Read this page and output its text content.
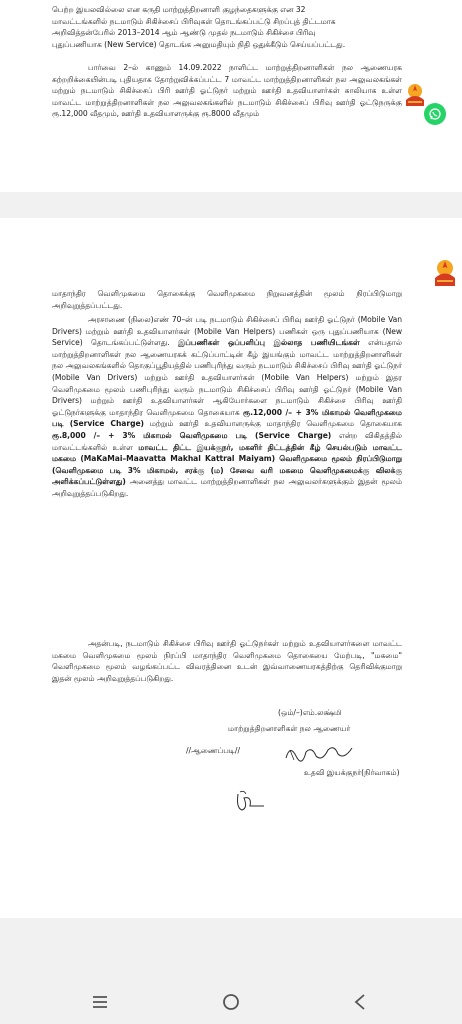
பெற்ற இயலவில்லை என கருதி மாற்றுத்திறனாளி குழந்தைகளுக்கு என 32

மாவட்டங்களில் நடமாடும் சிகிச்சைப் பிரிவுகள் தொடங்கப்பட்டு சிறப்புத் திட்டமாக

அறிவித்தன்பேரில் 2013–2014 ஆம் ஆண்டு முதல் நடமாடும் சிகிச்சை பிரிவு

புதுப்பணியாக (New Service) தொடங்க அனுமதியும் நிதி ஒதுக்கீடும் செய்யப்பட்டது.

பார்வை 2–ல் காணும் 14.09.2022 நாளிட்ட மாற்றுத்திறனாளிகள் நல ஆணையரக சுற்றறிக்கையின்படி புதியதாக தோற்றுவிக்கப்பட்ட 7 மாவட்ட மாற்றுத்திறனாளிகள் நல அலுவலகங்கள் மற்றும் நடமாடும் சிகிச்சைப் பிரி ஊர்தி ஓட்டுநர் மற்றும் ஊர்தி உதவியாளர்கள் காலியாக உள்ள மாவட்ட மாற்றுத்திறனாளிகள் நல அலுவலகங்களில் நடமாடும் சிகிச்சைப் பிரிவு ஊர்தி ஓட்டுநருக்கு ரூ.12,000 வீதமும், ஊர்தி உதவியாளருக்கு ரூ.8000 வீதமும்

மாதாந்திர வெளிமுகமை தொகைக்கு வெளிமுகமை நிறுவனத்தின் மூலம் நிரப்பிடுமாறு அறிவுறுத்தப்பட்டது.

அரசாணை (நிலை)எண் 70–ன் படி நடமாடும் சிகிச்சைப் பிரிவு ஊர்தி ஓட்டுநர் (Mobile Van Drivers) மற்றும் ஊர்தி உதவியாளர்கள் (Mobile Van Helpers) பணிகள் ஒரு புதுப்பணியாக (New Service) தொடங்கப்பட்டுள்ளது. இப்பணிகள் ஒப்பளிப்பு இல்லாத பணியிடங்கள் என்பதால் மாற்றுத்திறனாளிகள் நல ஆணையரகக் கட்டுப்பாட்டின் கீழ் இயங்கும் மாவட்ட மாற்றுத்திறனாளிகள் நல அலுவலகங்களில் தொகுப்பூதியத்தில் பணிபுரிந்து வரும் நடமாடும் சிகிச்சைப் பிரிவு ஊர்தி ஓட்டுநர் (Mobile Van Drivers) மற்றும் ஊர்தி உதவியாளர்கள் (Mobile Van Helpers) மற்றும் இதர வெளிமுகமை மூலம் பணிபுரிந்து வரும் நடமாடும் சிகிச்சைப் பிரிவு ஊர்தி ஓட்டுநர் (Mobile Van Drivers) மற்றும் ஊர்தி உதவியாளர்கள் ஆகியோர்களை நடமாடும் சிகிச்சை பிரிவு ஊர்தி ஓட்டுநர்களுக்கு மாதாந்திர வெளிமுகமை தொகையாக ரூ.12,000 /– + 3% மிகாமல் வெளிமுகமை படி (Service Charge) மற்றும் ஊர்தி உதவியாளருக்கு மாதாந்திர வெளிமுகமை தொகையாக ரூ.8,000 /– + 3% மிகாமல் வெளிமுகமை படி (Service Charge) என்ற விகிதத்தில் மாவட்டங்களில் உள்ள மாவட்ட திட்ட இயக்குநர், மகளிர் திட்டத்தின் கீழ் செயல்படும் மாவட்ட மகமை (MaKaMai–Maavatta Makhal Kattral Maiyam) வெளிமுகமை மூலம் நிரப்பிடுமாறு (வெளிமுகமை படி 3% மிகாமல், சரக்கு (ம) சேவை வரி மகமை வெளிமுகமைக்கு விலக்கு அளிக்கப்பட்டுள்ளது) அனைத்து மாவட்ட மாற்றுத்திறனாளிகள் நல அலுவலர்களுக்கும் இதன் மூலம் அறிவுறுத்தப்படுகிறது.

அதன்படி, நடமாடும் சிகிச்சை பிரிவு ஊர்தி ஓட்டுநர்கள் மற்றும் உதவியாளர்களை மாவட்ட மகமை வெளிமுகமை மூலம் நிரப்பி மாதாந்திர வெளிமுகமை தொகையை மேற்படி, "மகமை" வெளிமுகமை மூலம் வழங்கப்பட்ட விவரத்தினை உடன் இவ்வாணையரகத்திற்கு தெரிவிக்குமாறு இதன் மூலம் அறிவுறுத்தப்படுகிறது.

(ஒம்/–)எம்.லக்ஷ்மி
மாற்றுத்திறனாளிகள் நல ஆணையர்
//ஆணைப்படி//
உதவி இயக்குநர்(நிர்வாகம்)
